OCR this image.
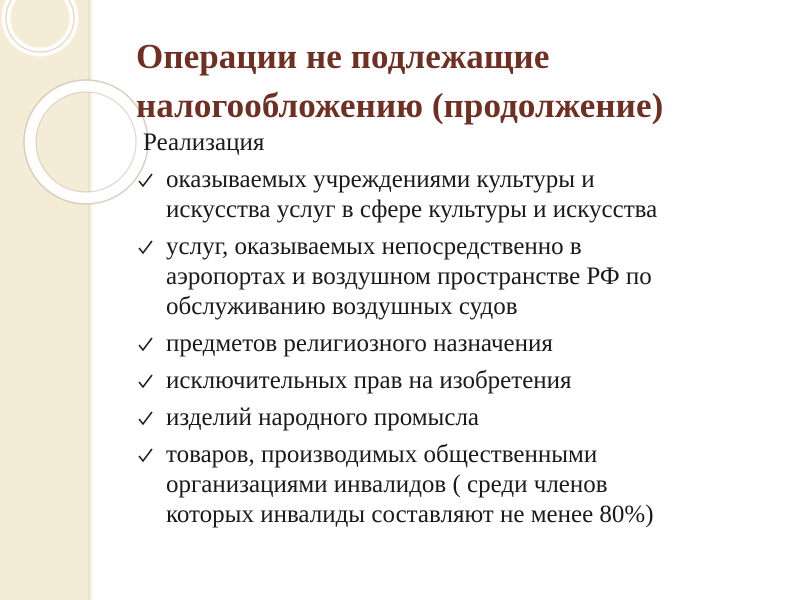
Операции не подлежащие
налогообложению (продолжение)

Реализация

оказываемых учреждениями культуры и
искусства услуг в сфере культуры и искусства
услуг, оказываемых непосредственно в
аэропортах и воздушном пространстве РФ по
обслуживанию воздушных судов
предметов религиозного назначения
исключительных прав на изобретения
изделий народного промысла
товаров, производимых общественными
организациями инвалидов ( среди членов
которых инвалиды составляют не менее 80%)
